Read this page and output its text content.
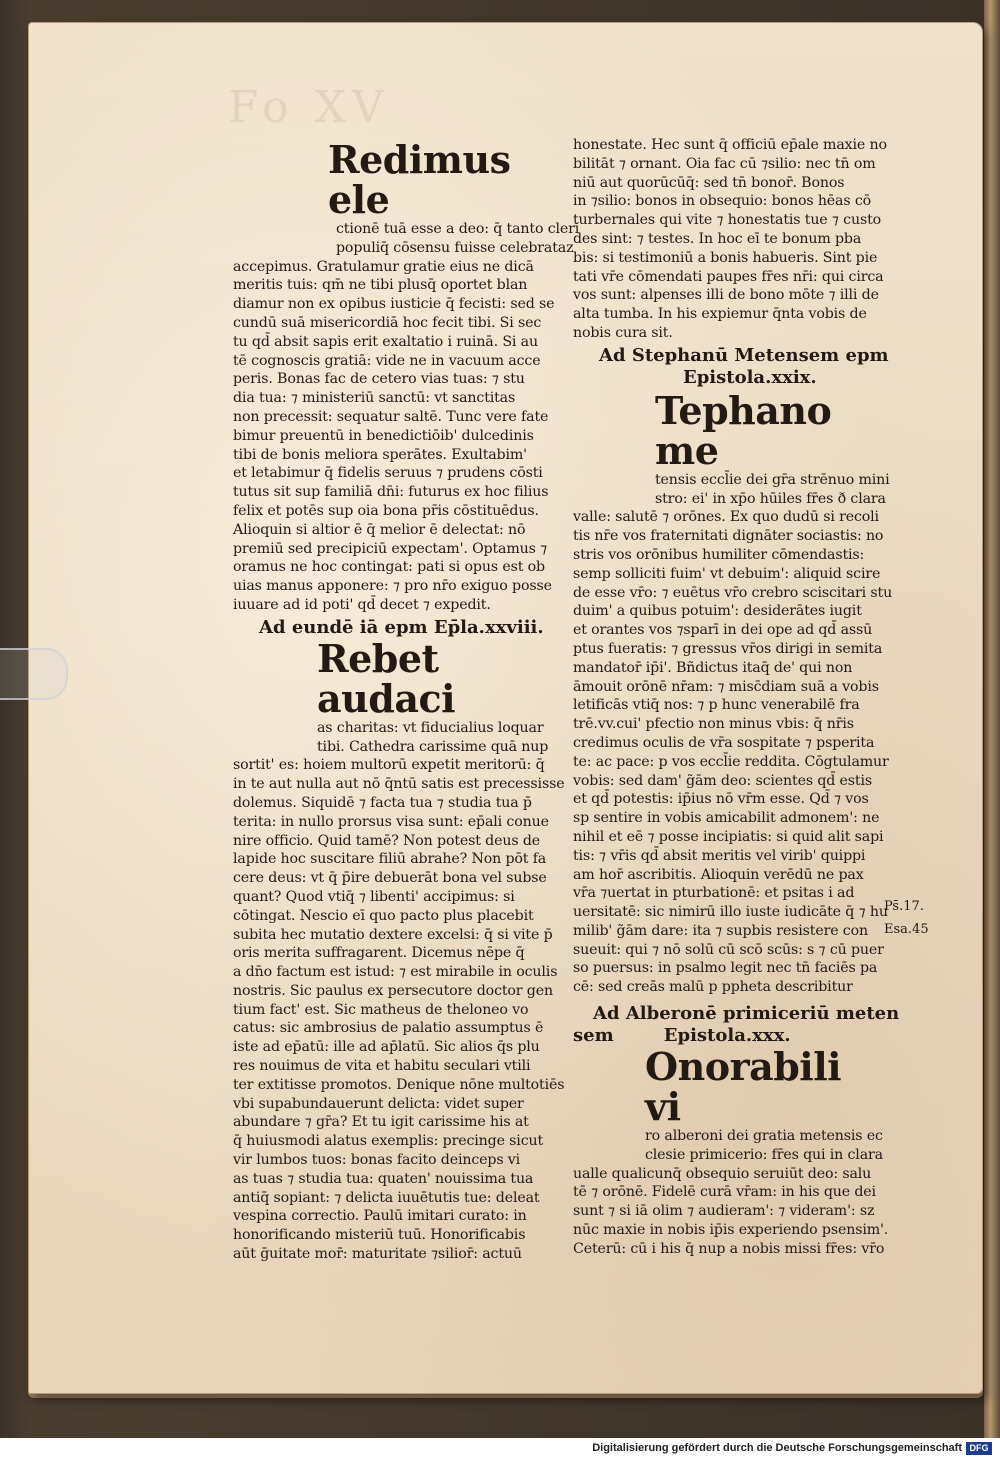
Fo XV
Redimus ele
ctionē tuā esse a deo: q̄ tanto cleri
populiq̄ cōsensu fuisse celebrataz
accepimus. Gratulamur gratie eius ne dicā
meritis tuis: qm̄ ne tibi plusq̄ oportet blan
diamur non ex opibus iusticie q̄ fecisti: sed se
cundū suā misericordiā hoc fecit tibi. Si sec
tu qd̄ absit sapis erit exaltatio i ruinā. Si au
tē cognoscis gratiā: vide ne in vacuum acce
peris. Bonas fac de cetero vias tuas: ⁊ stu
dia tua: ⁊ ministeriū sanctū: vt sanctitas
non precessit: sequatur saltē. Tunc vere fate
bimur preuentū in benedictiōib' dulcedinis
tibi de bonis meliora sperātes. Exultabim'
et letabimur q̄ fidelis seruus ⁊ prudens cōsti
tutus sit sup familiā dn̄i: futurus ex hoc filius
felix et potēs sup oia bona pr̄is cōstituēdus.
Alioquin si altior ē q̄ melior ē delectat: nō
premiū sed precipiciū expectam'. Optamus ⁊
oramus ne hoc contingat: pati si opus est ob
uias manus apponere: ⁊ pro nr̄o exiguo posse
iuuare ad id poti' qd̄ decet ⁊ expedit.
Ad eundē iā epm Ep̄la.xxviii.
Rebet audaci
as charitas: vt fiducialius loquar
tibi. Cathedra carissime quā nup
sortit' es: hoiem multorū expetit meritorū: q̄
in te aut nulla aut nō q̄ntū satis est precessisse
dolemus. Siquidē ⁊ facta tua ⁊ studia tua p̄
terita: in nullo prorsus visa sunt: ep̄ali conue
nire officio. Quid tamē? Non potest deus de
lapide hoc suscitare filiū abrahe? Non pōt fa
cere deus: vt q̄ p̄ire debuerāt bona vel subse
quant? Quod vtiq̄ ⁊ libenti' accipimus: si
cōtingat. Nescio eī quo pacto plus placebit
subita hec mutatio dextere excelsi: q̄ si vite p̄
oris merita suffragarent. Dicemus nēpe q̄
a dn̄o factum est istud: ⁊ est mirabile in oculis
nostris. Sic paulus ex persecutore doctor gen
tium fact' est. Sic matheus de theloneo vo
catus: sic ambrosius de palatio assumptus ē
iste ad ep̄atū: ille ad ap̄latū. Sic alios q̄s plu
res nouimus de vita et habitu seculari vtili
ter extitisse promotos. Denique nōne multotiēs
vbi supabundauerunt delicta: videt super
abundare ⁊ gr̄a? Et tu igit carissime his at
q̄ huiusmodi alatus exemplis: precinge sicut
vir lumbos tuos: bonas facito deinceps vi
as tuas ⁊ studia tua: quaten' nouissima tua
antiq̄ sopiant: ⁊ delicta iuuētutis tue: deleat
vespina correctio. Paulū imitari curato: in
honorificando misteriū tuū. Honorificabis
aūt ḡuitate mor̄: maturitate ⁊silior̄: actuū
honestate. Hec sunt q̄ officiū ep̄ale maxie no
bilitāt ⁊ ornant. Oia fac cū ⁊silio: nec tn̄ om
niū aut quorūcūq̄: sed tn̄ bonor̄. Bonos
in ⁊silio: bonos in obsequio: bonos hēas cō
turbernales qui vite ⁊ honestatis tue ⁊ custo
des sint: ⁊ testes. In hoc eī te bonum pba
bis: si testimoniū a bonis habueris. Sint pie
tati vr̄e cōmendati paupes fr̄es nr̄i: qui circa
vos sunt: alpenses illi de bono mōte ⁊ illi de
alta tumba. In his expiemur q̄nta vobis de
nobis cura sit.
Ad Stephanū Metensem epm
Epistola.xxix.
Tephano me
tensis eccl̄ie dei gr̄a strēnuo mini
stro: ei' in xp̄o hūiles fr̄es ð clara
valle: salutē ⁊ orōnes. Ex quo dudū si recoli
tis nr̄e vos fraternitati dignāter sociastis: no
stris vos orōnibus humiliter cōmendastis:
semp solliciti fuim' vt debuim': aliquid scire
de esse vr̄o: ⁊ euētus vr̄o crebro sciscitari stu
duim' a quibus potuim': desiderātes iugit
et orantes vos ⁊sparī in dei ope ad qd̄ assū
ptus fueratis: ⁊ gressus vr̄os dirigi in semita
mandator̄ ip̄i'. Bñdictus itaq̄ de' qui non
āmouit orōnē nr̄am: ⁊ misc̄diam suā a vobis
letificās vtiq̄ nos: ⁊ p hunc venerabilē fra
trē.vv.cui' pfectio non minus vbis: q̄ nr̄is
credimus oculis de vr̄a sospitate ⁊ psperita
te: ac pace: p vos eccl̄ie reddita. Cōgtulamur
vobis: sed dam' g̃ām deo: scientes qd̄ estis
et qd̄ potestis: ip̄ius nō vr̄m esse. Qd̄ ⁊ vos
sp sentire in vobis amicabilit admonem': ne
nihil et eē ⁊ posse incipiatis: si quid alit sapi
tis: ⁊ vr̄is qd̄ absit meritis vel virib' quippi
am hor̄ ascribitis. Alioquin verēdū ne pax
vr̄a ⁊uertat in pturbationē: et psitas i ad
uersitatē: sic nimirū illo iuste iudicāte q̄ ⁊ hu
milib' g̃ām dare: ita ⁊ supbis resistere con
sueuit: qui ⁊ nō solū cū scō scūs: s ⁊ cū puer
so puersus: in psalmo legit nec tn̄ faciēs pa
cē: sed creās malū p ppheta describitur
Ad Alberonē primiceriū meten
sem        Epistola.xxx.
Onorabili vi
ro alberoni dei gratia metensis ec
clesie primicerio: fr̄es qui in clara
ualle qualicunq̄ obsequio seruiūt deo: salu
tē ⁊ orōnē. Fidelē curā vr̄am: in his que dei
sunt ⁊ si iā olim ⁊ audieram': ⁊ videram': sz
nūc maxie in nobis ip̄is experiendo psensim'.
Ceterū: cū i his q̄ nup a nobis missi fr̄es: vr̄o
Ps̄.17.
Esa.45
Digitalisierung gefördert durch die Deutsche Forschungsgemeinschaft DFG
